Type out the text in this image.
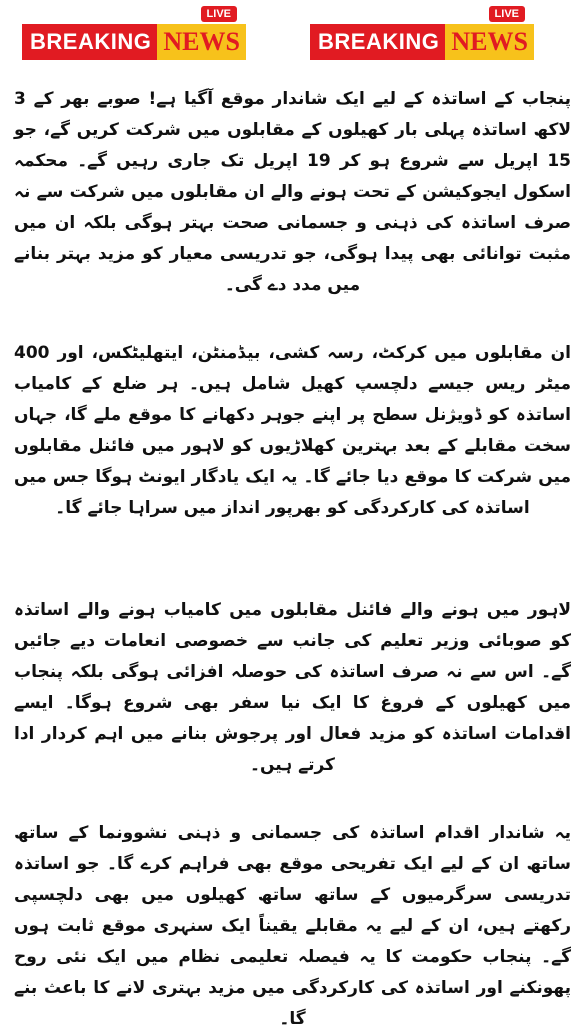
BREAKING NEWS
LIVE
BREAKING NEWS
LIVE

پنجاب کے اساتذہ کے لیے ایک شاندار موقع آگیا ہے! صوبے بھر کے 3 لاکھ اساتذہ پہلی بار کھیلوں کے مقابلوں میں شرکت کریں گے، جو 15 اپریل سے شروع ہو کر 19 اپریل تک جاری رہیں گے۔ محکمہ اسکول ایجوکیشن کے تحت ہونے والے ان مقابلوں میں شرکت سے نہ صرف اساتذہ کی ذہنی و جسمانی صحت بہتر ہوگی بلکہ ان میں مثبت توانائی بھی پیدا ہوگی، جو تدریسی معیار کو مزید بہتر بنانے میں مدد دے گی۔

ان مقابلوں میں کرکٹ، رسہ کشی، بیڈمنٹن، ایتھلیٹکس، اور 400 میٹر ریس جیسے دلچسپ کھیل شامل ہیں۔ ہر ضلع کے کامیاب اساتذہ کو ڈویژنل سطح پر اپنے جوہر دکھانے کا موقع ملے گا، جہاں سخت مقابلے کے بعد بہترین کھلاڑیوں کو لاہور میں فائنل مقابلوں میں شرکت کا موقع دیا جائے گا۔ یہ ایک یادگار ایونٹ ہوگا جس میں اساتذہ کی کارکردگی کو بھرپور انداز میں سراہا جائے گا۔

لاہور میں ہونے والے فائنل مقابلوں میں کامیاب ہونے والے اساتذہ کو صوبائی وزیر تعلیم کی جانب سے خصوصی انعامات دیے جائیں گے۔ اس سے نہ صرف اساتذہ کی حوصلہ افزائی ہوگی بلکہ پنجاب میں کھیلوں کے فروغ کا ایک نیا سفر بھی شروع ہوگا۔ ایسے اقدامات اساتذہ کو مزید فعال اور پرجوش بنانے میں اہم کردار ادا کرتے ہیں۔

یہ شاندار اقدام اساتذہ کی جسمانی و ذہنی نشوونما کے ساتھ ساتھ ان کے لیے ایک تفریحی موقع بھی فراہم کرے گا۔ جو اساتذہ تدریسی سرگرمیوں کے ساتھ ساتھ کھیلوں میں بھی دلچسپی رکھتے ہیں، ان کے لیے یہ مقابلے یقیناً ایک سنہری موقع ثابت ہوں گے۔ پنجاب حکومت کا یہ فیصلہ تعلیمی نظام میں ایک نئی روح پھونکنے اور اساتذہ کی کارکردگی میں مزید بہتری لانے کا باعث بنے گا۔
